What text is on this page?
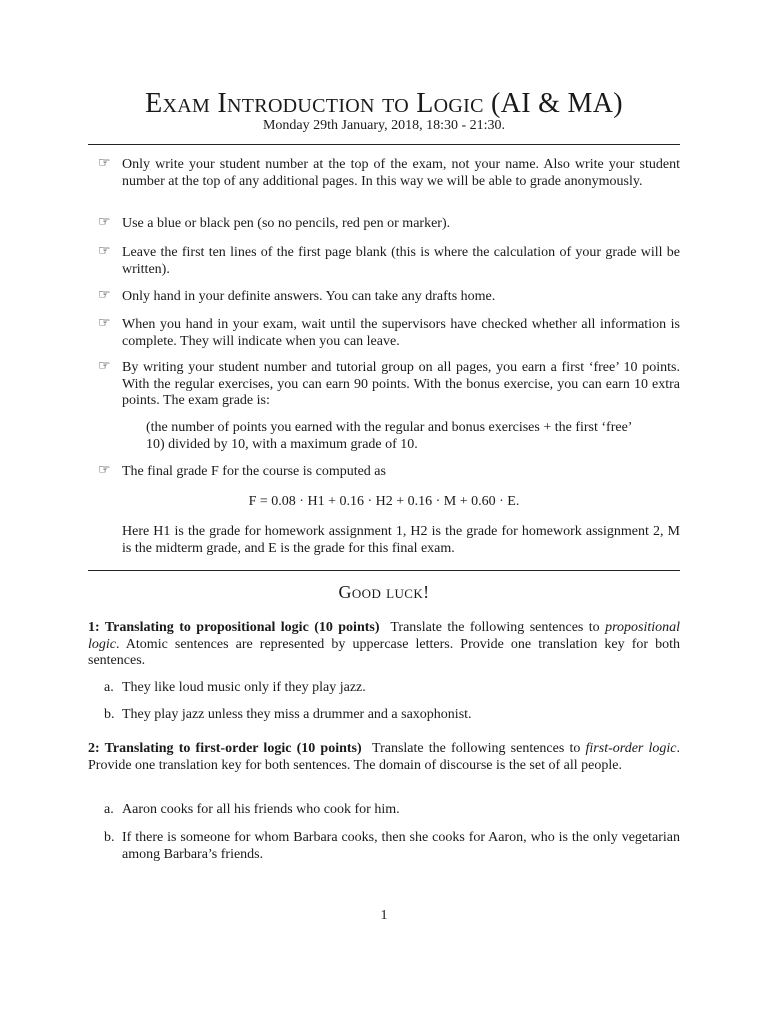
Exam Introduction to Logic (AI & MA)
Monday 29th January, 2018, 18:30 - 21:30.
☞ Only write your student number at the top of the exam, not your name. Also write your student number at the top of any additional pages. In this way we will be able to grade anonymously.
☞ Use a blue or black pen (so no pencils, red pen or marker).
☞ Leave the first ten lines of the first page blank (this is where the calculation of your grade will be written).
☞ Only hand in your definite answers. You can take any drafts home.
☞ When you hand in your exam, wait until the supervisors have checked whether all information is complete. They will indicate when you can leave.
☞ By writing your student number and tutorial group on all pages, you earn a first ‘free’ 10 points. With the regular exercises, you can earn 90 points. With the bonus exercise, you can earn 10 extra points. The exam grade is:
☞ The final grade F for the course is computed as
(the number of points you earned with the regular and bonus exercises + the first ‘free’ 10) divided by 10, with a maximum grade of 10.
F = 0.08 · H1 + 0.16 · H2 + 0.16 · M + 0.60 · E.
Here H1 is the grade for homework assignment 1, H2 is the grade for homework assignment 2, M is the midterm grade, and E is the grade for this final exam.
Good luck!
1: Translating to propositional logic (10 points) Translate the following sentences to propositional logic. Atomic sentences are represented by uppercase letters. Provide one translation key for both sentences.
a. They like loud music only if they play jazz.
b. They play jazz unless they miss a drummer and a saxophonist.
2: Translating to first-order logic (10 points) Translate the following sentences to first-order logic. Provide one translation key for both sentences. The domain of discourse is the set of all people.
a. Aaron cooks for all his friends who cook for him.
b. If there is someone for whom Barbara cooks, then she cooks for Aaron, who is the only vegetarian among Barbara’s friends.
1
